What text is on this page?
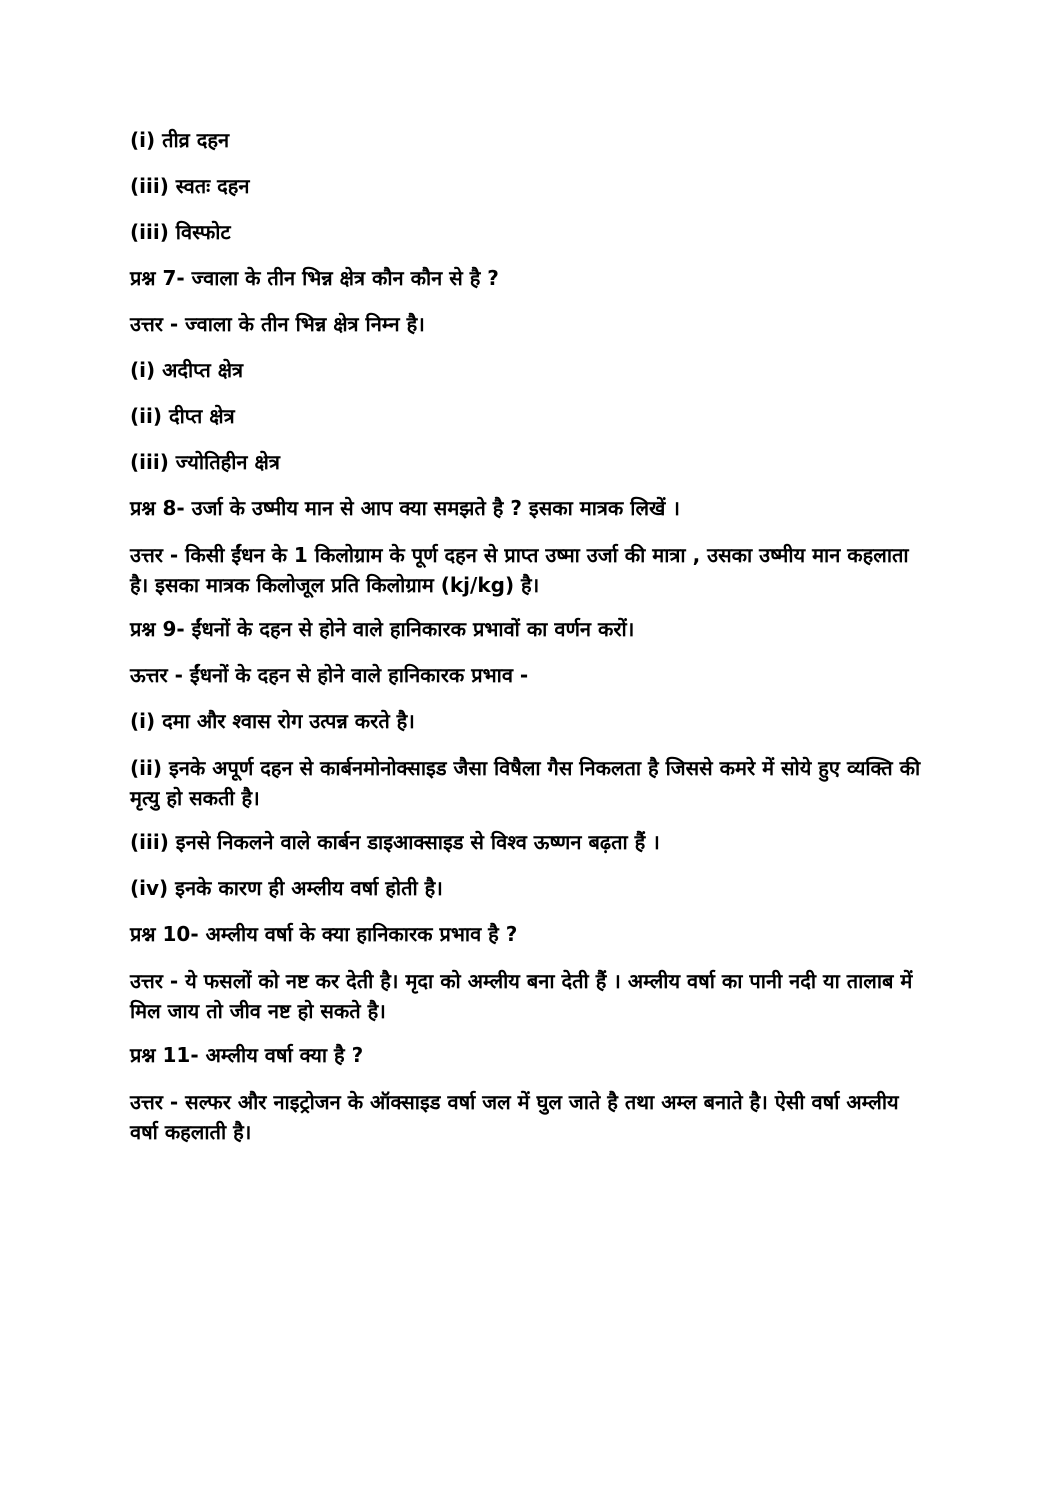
(i) तीव्र दहन

(iii) स्वतः दहन

(iii) विस्फोट

प्रश्न 7- ज्वाला के तीन भिन्न क्षेत्र कौन कौन से है ?

उत्तर - ज्वाला के तीन भिन्न क्षेत्र निम्न है।

(i) अदीप्त क्षेत्र

(ii) दीप्त क्षेत्र

(iii) ज्योतिहीन क्षेत्र

प्रश्न 8- उर्जा के उष्मीय मान से आप क्या समझते है ? इसका मात्रक लिखें ।

उत्तर - किसी ईंधन के 1 किलोग्राम के पूर्ण दहन से प्राप्त उष्मा उर्जा की मात्रा , उसका उष्मीय मान कहलाता है। इसका मात्रक किलोजूल प्रति किलोग्राम (kj/kg) है।

प्रश्न 9- ईंधनों के दहन से होने वाले हानिकारक प्रभावों का वर्णन करों।

ऊत्तर - ईंधनों के दहन से होने वाले हानिकारक प्रभाव -

(i) दमा और श्वास रोग उत्पन्न करते है।

(ii) इनके अपूर्ण दहन से कार्बनमोनोक्साइड जैसा विषैला गैस निकलता है जिससे कमरे में सोये हुए व्यक्ति की मृत्यु हो सकती है।

(iii) इनसे निकलने वाले कार्बन डाइआक्साइड से विश्व ऊष्णन बढ़ता हैं ।

(iv) इनके कारण ही अम्लीय वर्षा होती है।

प्रश्न 10- अम्लीय वर्षा के क्या हानिकारक प्रभाव है ?

उत्तर - ये फसलों को नष्ट कर देती है। मृदा को अम्लीय बना देती हैं । अम्लीय वर्षा का पानी नदी या तालाब में मिल जाय तो जीव नष्ट हो सकते है।

प्रश्न 11- अम्लीय वर्षा क्या है ?

उत्तर - सल्फर और नाइट्रोजन के ऑक्साइड वर्षा जल में घुल जाते है तथा अम्ल बनाते है। ऐसी वर्षा अम्लीय वर्षा कहलाती है।
